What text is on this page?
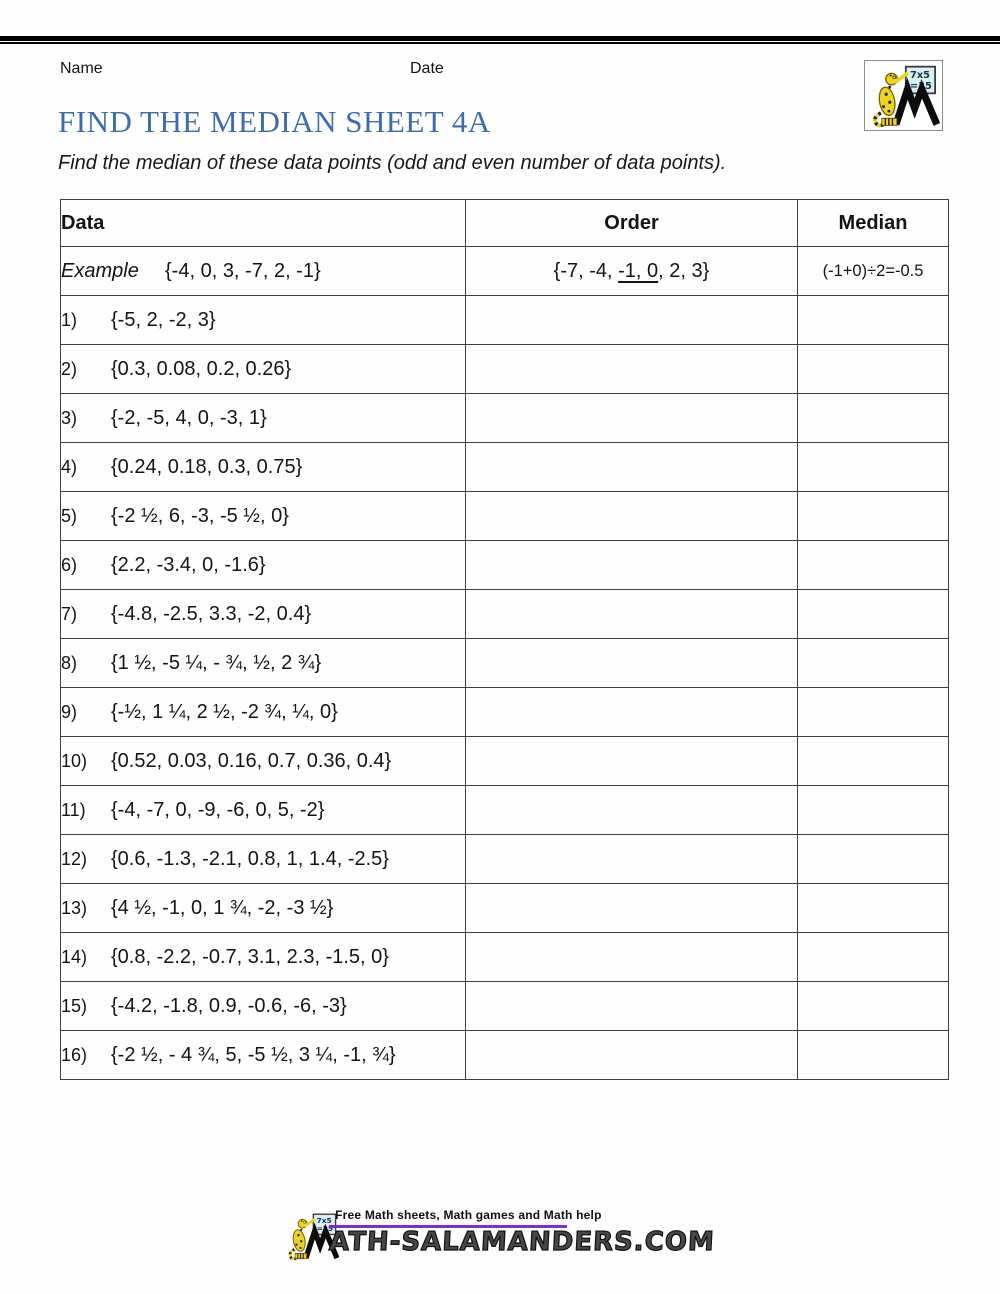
Name	Date
FIND THE MEDIAN SHEET 4A
Find the median of these data points (odd and even number of data points).
Data	Order	Median
Example {-4, 0, 3, -7, 2, -1}	{-7, -4, -1, 0, 2, 3}	(-1+0)÷2=-0.5
1) {-5, 2, -2, 3}		
2) {0.3, 0.08, 0.2, 0.26}		
3) {-2, -5, 4, 0, -3, 1}		
4) {0.24, 0.18, 0.3, 0.75}		
5) {-2 ½, 6, -3, -5 ½, 0}		
6) {2.2, -3.4, 0, -1.6}		
7) {-4.8, -2.5, 3.3, -2, 0.4}		
8) {1 ½, -5 ¼, - ¾, ½, 2 ¾}		
9) {-½, 1 ¼, 2 ½, -2 ¾, ¼, 0}		
10) {0.52, 0.03, 0.16, 0.7, 0.36, 0.4}		
11) {-4, -7, 0, -9, -6, 0, 5, -2}		
12) {0.6, -1.3, -2.1, 0.8, 1, 1.4, -2.5}		
13) {4 ½, -1, 0, 1 ¾, -2, -3 ½}		
14) {0.8, -2.2, -0.7, 3.1, 2.3, -1.5, 0}		
15) {-4.2, -1.8, 0.9, -0.6, -6, -3}		
16) {-2 ½, - 4 ¾, 5, -5 ½, 3 ¼, -1, ¾}		
Free Math sheets, Math games and Math help
ATH-SALAMANDERS.COM
